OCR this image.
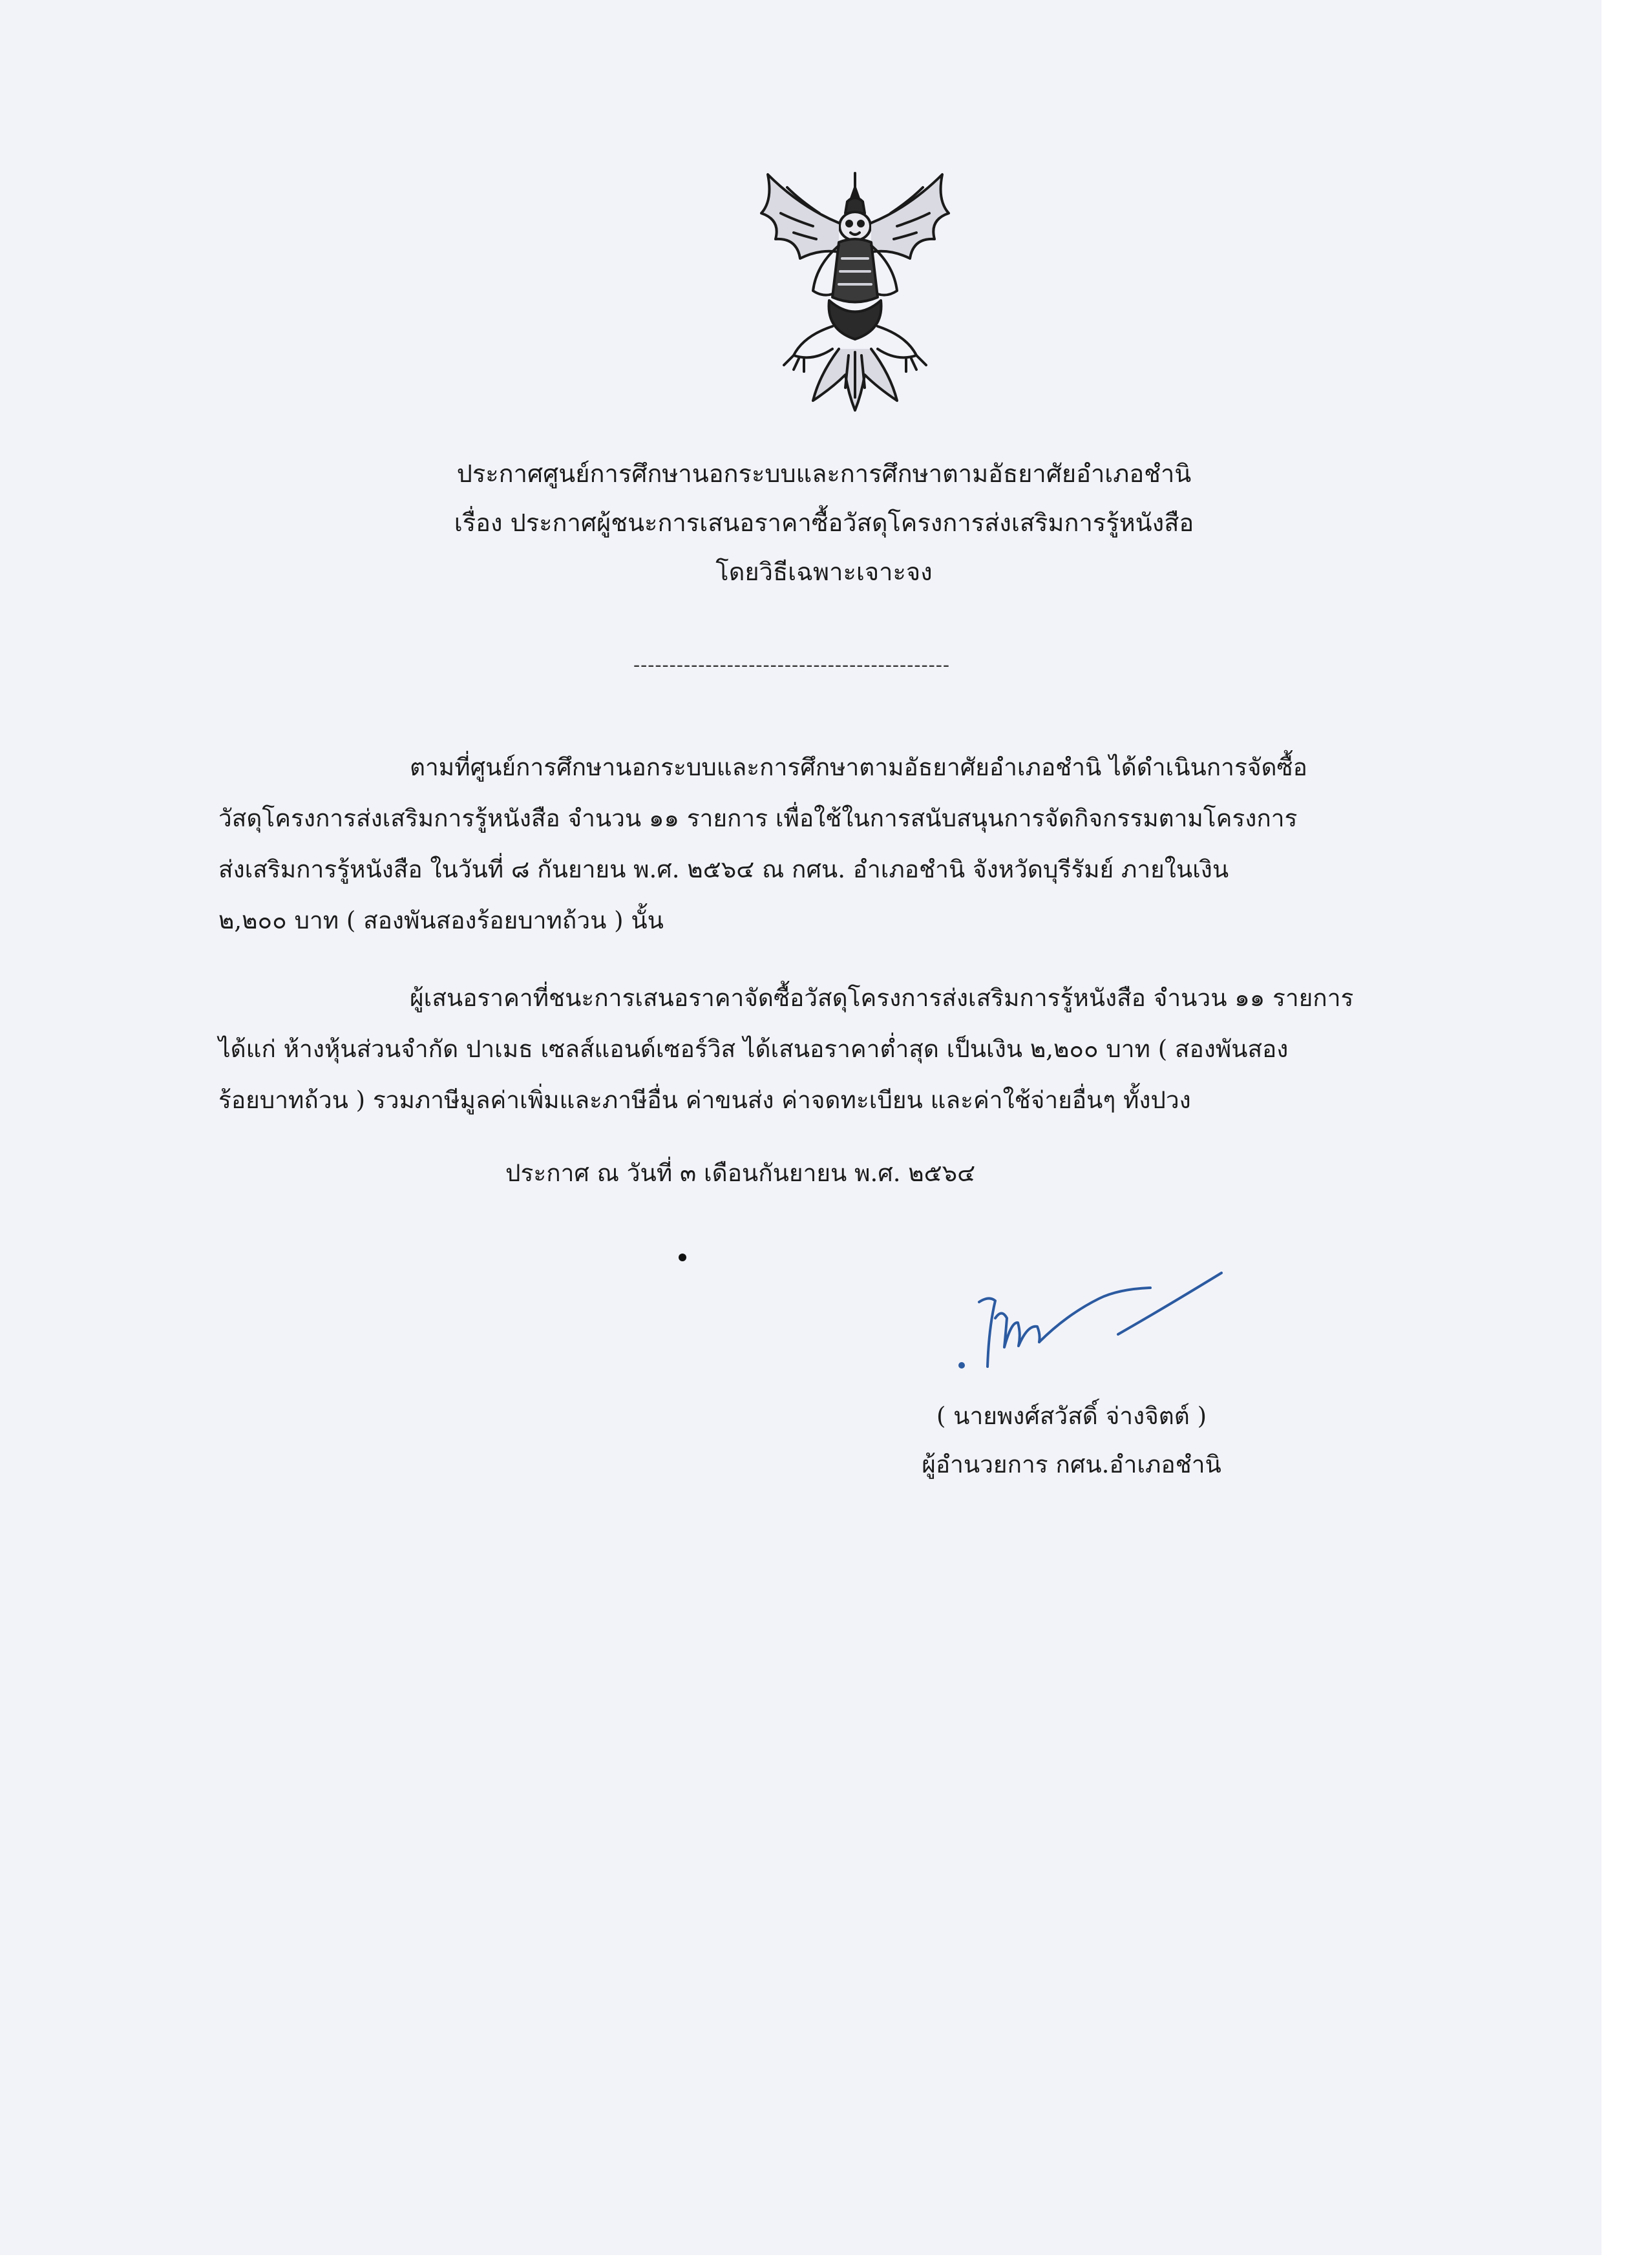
ประกาศศูนย์การศึกษานอกระบบและการศึกษาตามอัธยาศัยอำเภอชำนิ
เรื่อง ประกาศผู้ชนะการเสนอราคาซื้อวัสดุโครงการส่งเสริมการรู้หนังสือ
โดยวิธีเฉพาะเจาะจง
--------------------------------------------
ตามที่ศูนย์การศึกษานอกระบบและการศึกษาตามอัธยาศัยอำเภอชำนิ ได้ดำเนินการจัดซื้อ
วัสดุโครงการส่งเสริมการรู้หนังสือ จำนวน ๑๑ รายการ เพื่อใช้ในการสนับสนุนการจัดกิจกรรมตามโครงการ
ส่งเสริมการรู้หนังสือ ในวันที่ ๘ กันยายน พ.ศ. ๒๕๖๔ ณ กศน. อำเภอชำนิ จังหวัดบุรีรัมย์ ภายในเงิน
๒,๒๐๐ บาท ( สองพันสองร้อยบาทถ้วน ) นั้น
ผู้เสนอราคาที่ชนะการเสนอราคาจัดซื้อวัสดุโครงการส่งเสริมการรู้หนังสือ จำนวน ๑๑ รายการ
ได้แก่ ห้างหุ้นส่วนจำกัด ปาเมธ เซลส์แอนด์เซอร์วิส ได้เสนอราคาต่ำสุด เป็นเงิน ๒,๒๐๐ บาท ( สองพันสอง
ร้อยบาทถ้วน ) รวมภาษีมูลค่าเพิ่มและภาษีอื่น ค่าขนส่ง ค่าจดทะเบียน และค่าใช้จ่ายอื่นๆ ทั้งปวง
ประกาศ ณ วันที่ ๓ เดือนกันยายน พ.ศ. ๒๕๖๔
( นายพงศ์สวัสดิ์ จ่างจิตต์ )
ผู้อำนวยการ กศน.อำเภอชำนิ
